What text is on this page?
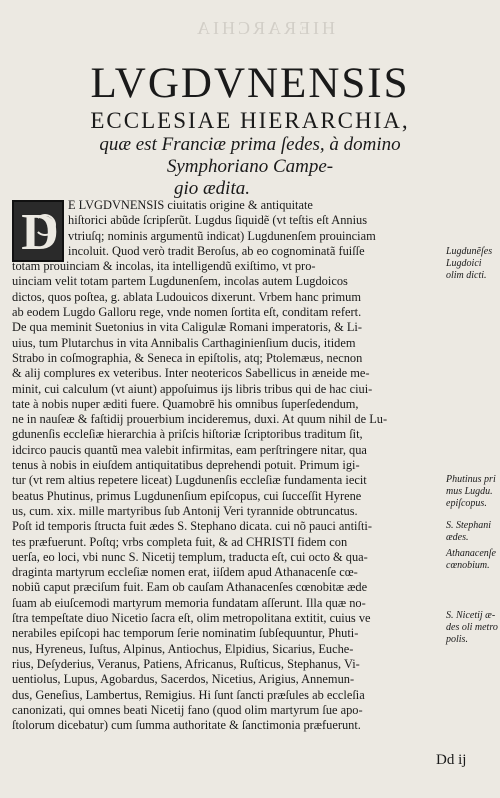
HIERARCHIA
LVGDVNENSIS
ECCLESIAE HIERARCHIA,
quæ est Franciæ prima ſedes, à domino
Symphoriano Campe-
gio ædita.
D E LVGDVNENSIS ciuitatis origine & antiquitate
hiſtorici abũde ſcripſerũt. Lugdus ſiquidẽ (vt teſtis eſt Annius
vtriuſq; nominis argumentũ indicat) Lugdunenſem prouinciam
incoluit. Quod verò tradit Beroſus, ab eo cognominatã fuiſſe
totam prouinciam & incolas, ita intelligendũ exiſtimo, vt pro-
uinciam velit totam partem Lugdunenſem, incolas autem Lugdoicos
dictos, quos poſtea, g. ablata Ludouicos dixerunt. Vrbem hanc primum
ab eodem Lugdo Galloru rege, vnde nomen ſortita eſt, conditam refert.
De qua meminit Suetonius in vita Caligulæ Romani imperatoris, & Li-
uius, tum Plutarchus in vita Annibalis Carthaginienſium ducis, itidem
Strabo in coſmographia, & Seneca in epiſtolis, atq; Ptolemæus, necnon
& alij complures ex veteribus. Inter neotericos Sabellicus in æneide me-
minit, cui calculum (vt aiunt) appoſuimus ijs libris tribus qui de hac ciui-
tate à nobis nuper æditi fuere. Quamobrē his omnibus ſuperſedendum,
ne in nauſeæ & faſtidij prouerbium incideremus, duxi. At quum nihil de Lu-
gdunenſis eccleſiæ hierarchia à priſcis hiſtoriæ ſcriptoribus traditum ſit,
idcirco paucis quantũ mea valebit infirmitas, eam perſtringere nitar, qua
tenus à nobis in eiuſdem antiquitatibus deprehendi potuit. Primum igi-
tur (vt rem altius repetere liceat) Lugdunenſis eccleſiæ fundamenta iecit
beatus Phutinus, primus Lugdunenſium epiſcopus, cui ſucceſſit Hyrene
us, cum. xix. mille martyribus ſub Antonij Veri tyrannide obtruncatus.
Poſt id temporis ſtructa fuit ædes S. Stephano dicata. cui nõ pauci antiſti-
tes præfuerunt. Poſtq; vrbs completa fuit, & ad CHRISTI fidem con
uerſa, eo loci, vbi nunc S. Nicetij templum, traducta eſt, cui octo & qua-
draginta martyrum eccleſiæ nomen erat, iiſdem apud Athanacenſe cœ-
nobiũ caput præciſum fuit. Eam ob cauſam Athanacenſes cœnobitæ æde
ſuam ab eiuſcemodi martyrum memoria fundatam aſſerunt. Illa quæ no-
ſtra tempeſtate diuo Nicetio ſacra eſt, olim metropolitana extitit, cuius ve
nerabiles epiſcopi hac temporum ſerie nominatim ſubſequuntur, Phuti-
nus, Hyreneus, Iuſtus, Alpinus, Antiochus, Elpidius, Sicarius, Euche-
rius, Deſyderius, Veranus, Patiens, Africanus, Ruſticus, Stephanus, Vi-
uentiolus, Lupus, Agobardus, Sacerdos, Nicetius, Arigius, Annemun-
dus, Geneſius, Lambertus, Remigius. Hi ſunt ſancti præſules ab eccleſia
canonizati, qui omnes beati Nicetij fano (quod olim martyrum ſue apo-
ſtolorum dicebatur) cum ſumma authoritate & ſanctimonia præfuerunt.
Lugdunẽſes Lugdoici olim dicti.
Phutinus pri mus Lugdu. epiſcopus.
S. Stephani ædes.
Athanacenſe cœnobium.
S. Nicetij æ- des oli metro polis.
Dd ij
